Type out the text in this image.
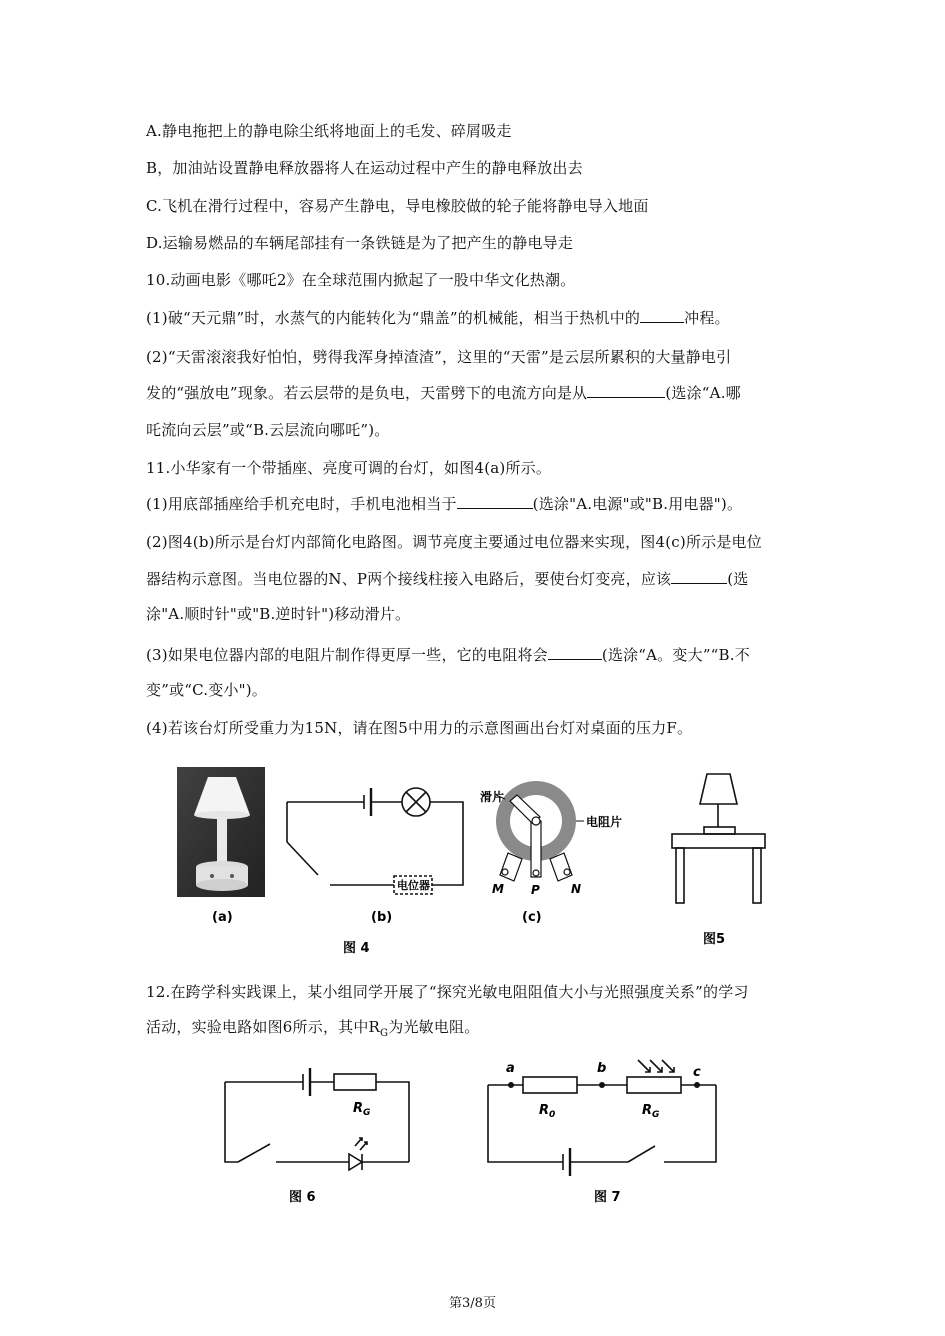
A.静电拖把上的静电除尘纸将地面上的毛发、碎屑吸走
B，加油站设置静电释放器将人在运动过程中产生的静电释放出去
C.飞机在滑行过程中，容易产生静电，导电橡胶做的轮子能将静电导入地面
D.运输易燃品的车辆尾部挂有一条铁链是为了把产生的静电导走
10.动画电影《哪吒2》在全球范围内掀起了一股中华文化热潮。
(1)破“天元鼎”时，水蒸气的内能转化为“鼎盖”的机械能，相当于热机中的	冲程。
(2)“天雷滚滚我好怕怕，劈得我浑身掉渣渣”，这里的“天雷”是云层所累积的大量静电引
发的“强放电”现象。若云层带的是负电，天雷劈下的电流方向是从	(选涂“A.哪
吒流向云层”或“B.云层流向哪吒”)。
11.小华家有一个带插座、亮度可调的台灯，如图4(a)所示。
(1)用底部插座给手机充电时，手机电池相当于	(选涂"A.电源"或"B.用电器")。
(2)图4(b)所示是台灯内部简化电路图。调节亮度主要通过电位器来实现，图4(c)所示是电位
器结构示意图。当电位器的N、P两个接线柱接入电路后，要使台灯变亮，应该	(选
涂"A.顺时针"或"B.逆时针")移动滑片。
(3)如果电位器内部的电阻片制作得更厚一些，它的电阻将会	(选涂“A。变大”“B.不
变”或“C.变小")。
(4)若该台灯所受重力为15N，请在图5中用力的示意图画出台灯对桌面的压力F。
(a)
电位器
(b)
滑片
电阻片
M P	N
(c)
图 4
图5
12.在跨学科实践课上，某小组同学开展了“探究光敏电阻阻值大小与光照强度关系”的学习
活动，实验电路如图6所示，其中$R_G$为光敏电阻。
$R_G$
图 6
a	b	c
$R_0$	$R_G$
图 7
第3/8页
